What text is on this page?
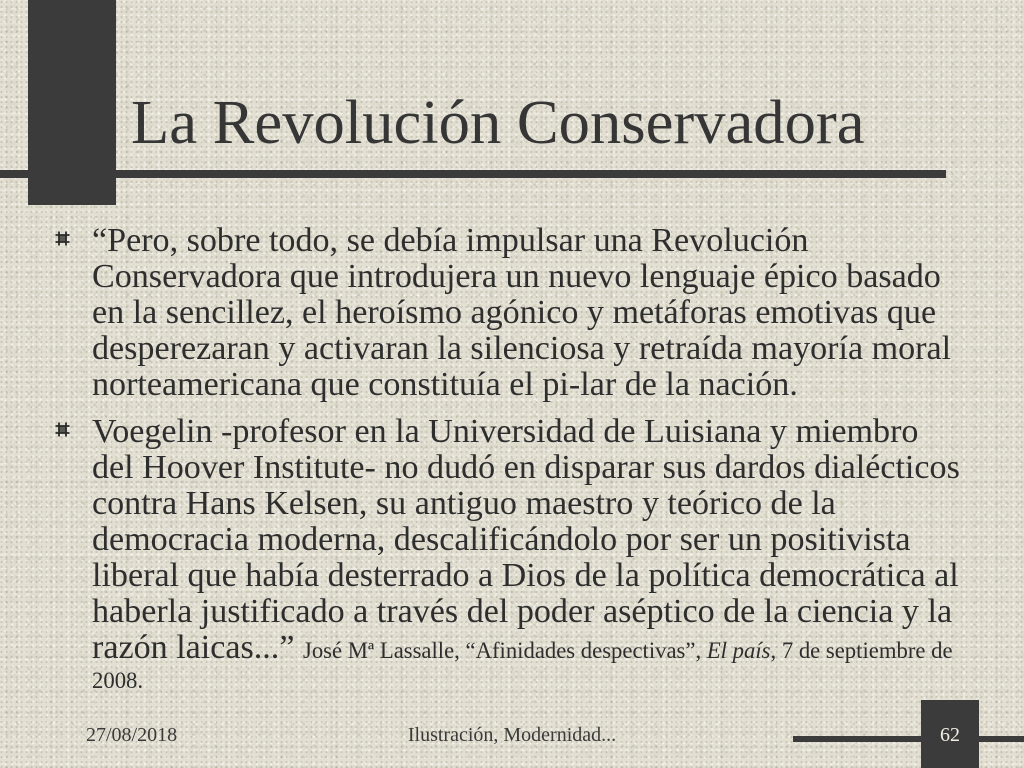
La Revolución Conservadora
“Pero, sobre todo, se debía impulsar una Revolución
Conservadora que introdujera un nuevo lenguaje épico basado
en la sencillez, el heroísmo agónico y metáforas emotivas que
desperezaran y activaran la silenciosa y retraída mayoría moral
norteamericana que constituía el pi-lar de la nación.
Voegelin -profesor en la Universidad de Luisiana y miembro
del Hoover Institute- no dudó en disparar sus dardos dialécticos
contra Hans Kelsen, su antiguo maestro y teórico de la
democracia moderna, descalificándolo por ser un positivista
liberal que había desterrado a Dios de la política democrática al
haberla justificado a través del poder aséptico de la ciencia y la
razón laicas...” José Mª Lassalle, “Afinidades despectivas”, El país, 7 de septiembre de
2008.
27/08/2018	Ilustración, Modernidad...	62
